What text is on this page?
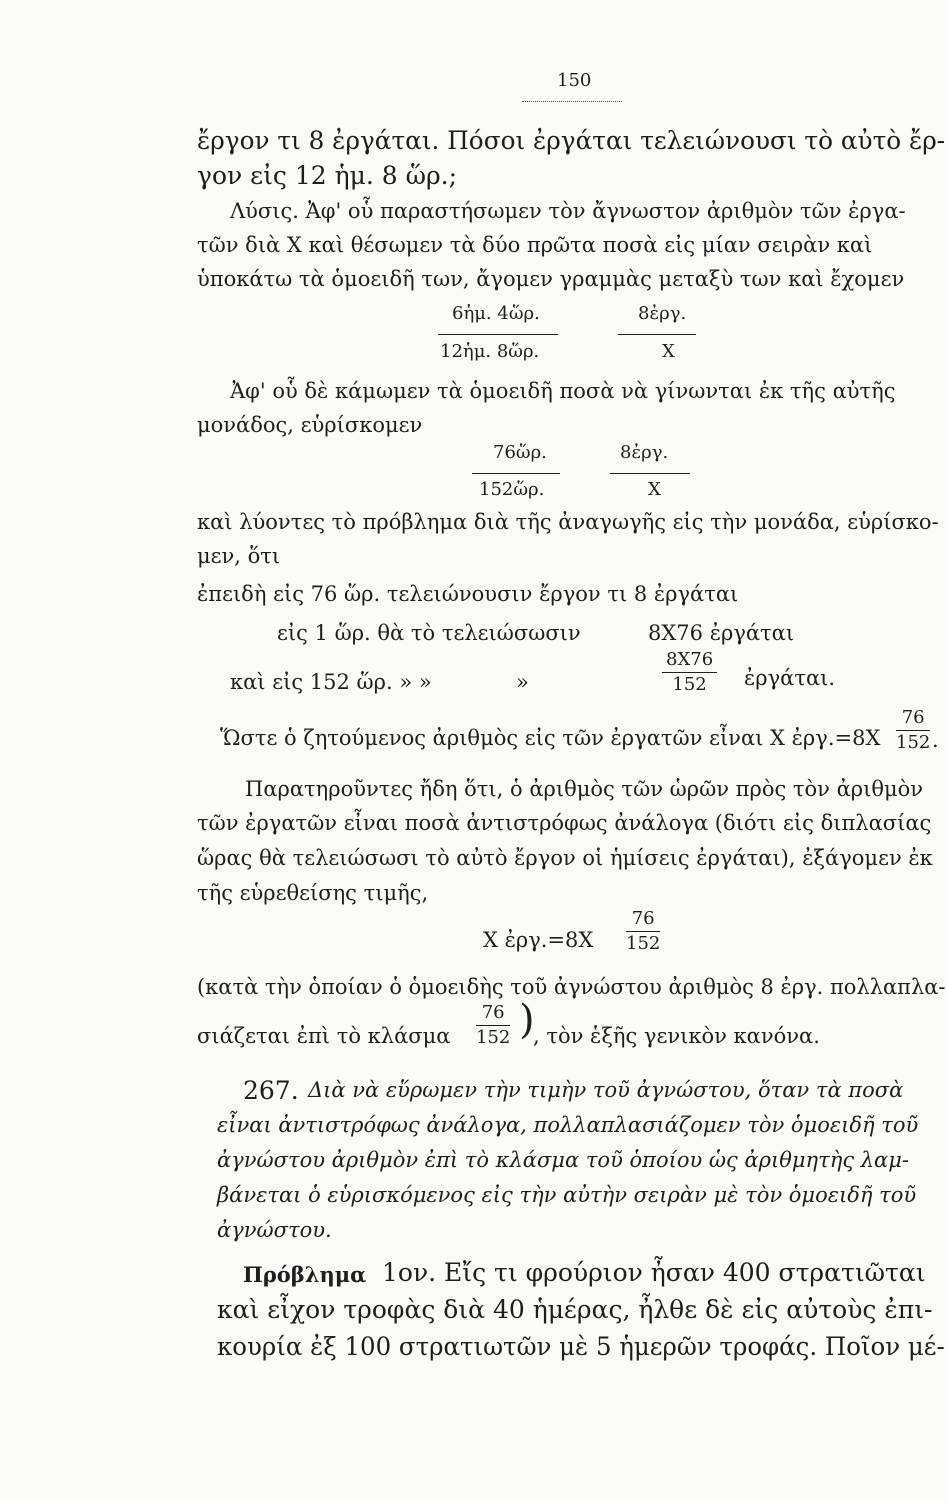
150
ἔργον τι 8 ἐργάται. Πόσοι ἐργάται τελειώνουσι τὸ αὐτὸ ἔρ-
γον εἰς 12 ἡμ. 8 ὥρ.;
Λύσις. Ἀφ' οὗ παραστήσωμεν τὸν ἄγνωστον ἀριθμὸν τῶν ἐργα-
τῶν διὰ X καὶ θέσωμεν τὰ δύο πρῶτα ποσὰ εἰς μίαν σειρὰν καὶ
ὑποκάτω τὰ ὁμοειδῆ των, ἄγομεν γραμμὰς μεταξὺ των καὶ ἔχομεν
6ἡμ. 4ὥρ.	8ἐργ.
12ἡμ. 8ὥρ.	X
Ἀφ' οὗ δὲ κάμωμεν τὰ ὁμοειδῆ ποσὰ νὰ γίνωνται ἐκ τῆς αὐτῆς
μονάδος, εὑρίσκομεν
76ὥρ.	8ἐργ.
152ὥρ.	X
καὶ λύοντες τὸ πρόβλημα διὰ τῆς ἀναγωγῆς εἰς τὴν μονάδα, εὑρίσκο-
μεν, ὅτι
ἐπειδὴ εἰς 76 ὥρ. τελειώνουσιν ἔργον τι 8 ἐργάται
εἰς 1 ὥρ. θὰ τὸ τελειώσωσιν	8X76 ἐργάται
καὶ εἰς 152 ὥρ. » »	»	$\frac{8X76}{152}$ ἐργάται.
Ὥστε ὁ ζητούμενος ἀριθμὸς εἰς τῶν ἐργατῶν εἶναι X ἐργ.=8X $\frac{76}{152}$ .
Παρατηροῦντες ἤδη ὅτι, ὁ ἀριθμὸς τῶν ὡρῶν πρὸς τὸν ἀριθμὸν
τῶν ἐργατῶν εἶναι ποσὰ ἀντιστρόφως ἀνάλογα (διότι εἰς διπλασίας
ὥρας θὰ τελειώσωσι τὸ αὐτὸ ἔργον οἱ ἡμίσεις ἐργάται), ἐξάγομεν ἐκ
τῆς εὑρεθείσης τιμῆς,
X ἐργ.=8X $\frac{76}{152}$
(κατὰ τὴν ὁποίαν ὁ ὁμοειδὴς τοῦ ἀγνώστου ἀριθμὸς 8 ἐργ. πολλαπλα-
σιάζεται ἐπὶ τὸ κλάσμα $\frac{76}{152}$ )
, τὸν ἑξῆς γενικὸν κανόνα.
267. Διὰ νὰ εὕρωμεν τὴν τιμὴν τοῦ ἀγνώστου, ὅταν τὰ ποσὰ
εἶναι ἀντιστρόφως ἀνάλογα, πολλαπλασιάζομεν τὸν ὁμοειδῆ τοῦ
ἀγνώστου ἀριθμὸν ἐπὶ τὸ κλάσμα τοῦ ὁποίου ὡς ἀριθμητὴς λαμ-
βάνεται ὁ εὑρισκόμενος εἰς τὴν αὐτὴν σειρὰν μὲ τὸν ὁμοειδῆ τοῦ
ἀγνώστου.
Πρόβλημα 1ον. Εἴς τι φρούριον ἦσαν 400 στρατιῶται
καὶ εἶχον τροφὰς διὰ 40 ἡμέρας, ἦλθε δὲ εἰς αὐτοὺς ἐπι-
κουρία ἐξ 100 στρατιωτῶν μὲ 5 ἡμερῶν τροφάς. Ποῖον μέ-
